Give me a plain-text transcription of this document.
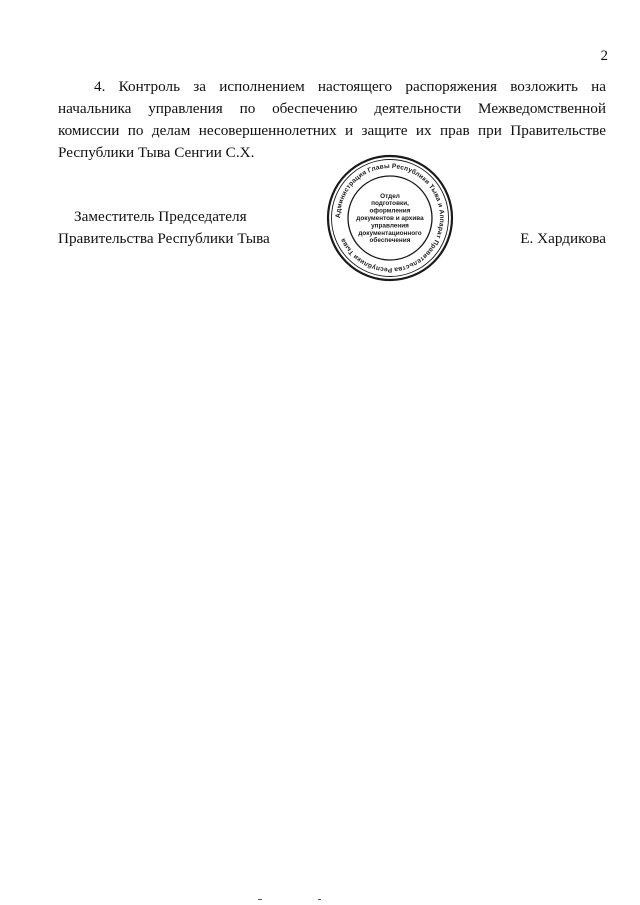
2

4. Контроль за исполнением настоящего распоряжения возложить на начальника управления по обеспечению деятельности Межведомственной комиссии по делам несовершеннолетних и защите их прав при Правительстве Республики Тыва Сенгии С.Х.

Заместитель Председателя
Правительства Республики Тыва	Е. Хардикова
Администрация Главы Республики Тыва и Аппарат Правительства Республики Тыва
Отдел
подготовки,
оформления
документов и архива
управления
документационного
обеспечения
